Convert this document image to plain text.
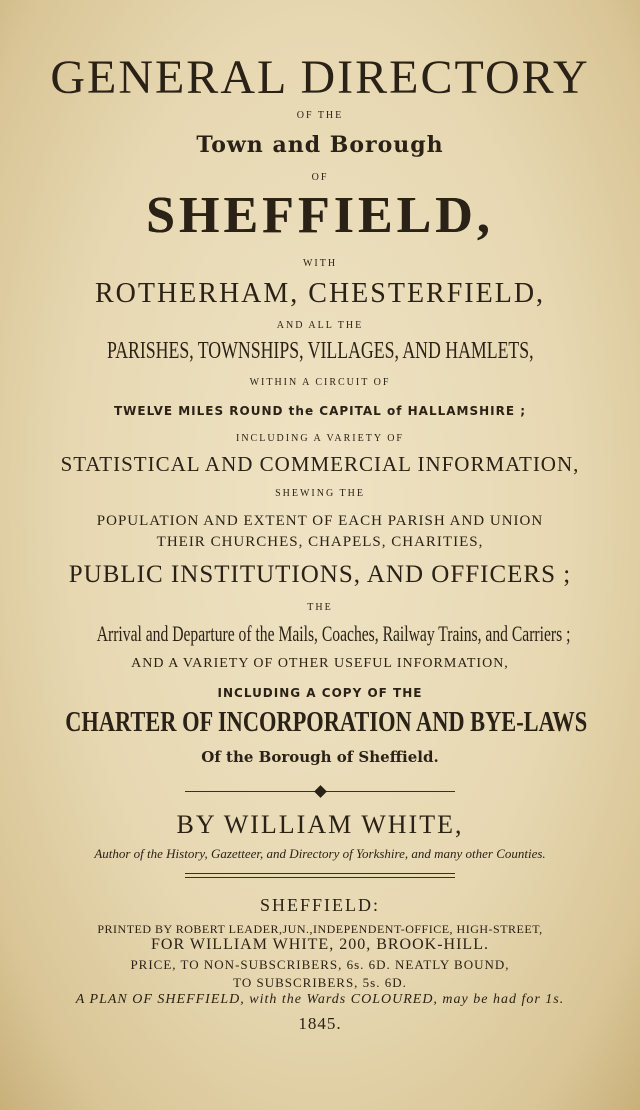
GENERAL DIRECTORY
OF THE
Town and Borough
OF
SHEFFIELD,
WITH
ROTHERHAM, CHESTERFIELD,
AND ALL THE
PARISHES, TOWNSHIPS, VILLAGES, AND HAMLETS,
WITHIN A CIRCUIT OF
TWELVE MILES ROUND the CAPITAL of HALLAMSHIRE ;
INCLUDING A VARIETY OF
STATISTICAL AND COMMERCIAL INFORMATION,
SHEWING THE
POPULATION AND EXTENT OF EACH PARISH AND UNION
THEIR CHURCHES, CHAPELS, CHARITIES,
PUBLIC INSTITUTIONS, AND OFFICERS ;
THE
Arrival and Departure of the Mails, Coaches, Railway Trains, and Carriers ;
AND A VARIETY OF OTHER USEFUL INFORMATION,
INCLUDING A COPY OF THE
CHARTER OF INCORPORATION AND BYE-LAWS
Of the Borough of Sheffield.
BY WILLIAM WHITE,
Author of the History, Gazetteer, and Directory of Yorkshire, and many other Counties.
SHEFFIELD:
PRINTED BY ROBERT LEADER,JUN.,INDEPENDENT-OFFICE, HIGH-STREET,
FOR WILLIAM WHITE, 200, BROOK-HILL.
PRICE, TO NON-SUBSCRIBERS, 6s. 6D. NEATLY BOUND,
TO SUBSCRIBERS, 5s. 6D.
A PLAN OF SHEFFIELD, with the Wards COLOURED, may be had for 1s.
1845.
